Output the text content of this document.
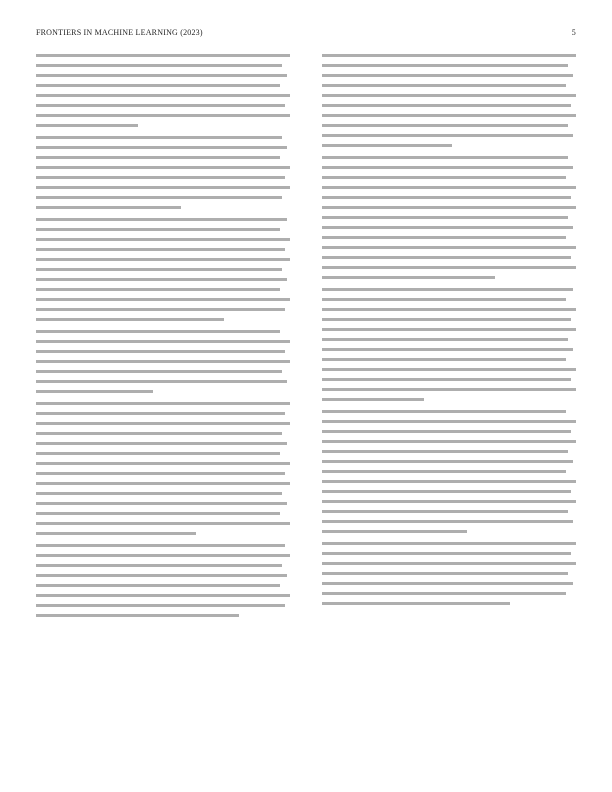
FRONTIERS IN MACHINE LEARNING (2023)	5
